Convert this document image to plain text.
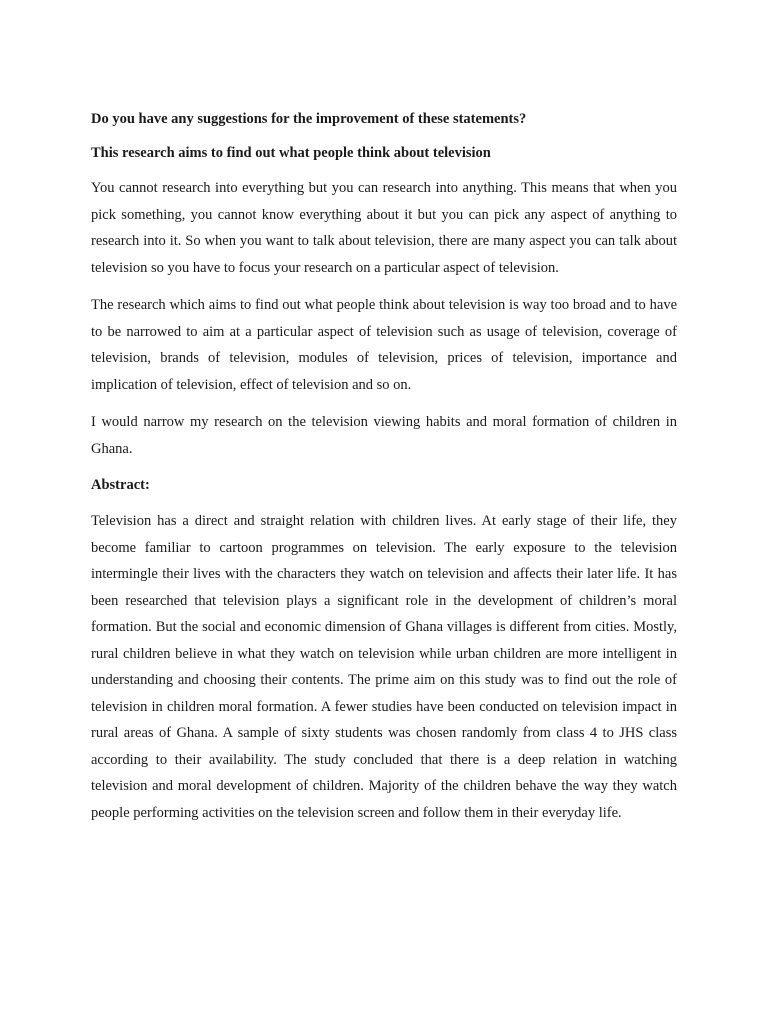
Do you have any suggestions for the improvement of these statements?

This research aims to find out what people think about television

You cannot research into everything but you can research into anything. This means that when you pick something, you cannot know everything about it but you can pick any aspect of anything to research into it. So when you want to talk about television, there are many aspect you can talk about television so you have to focus your research on a particular aspect of television.

The research which aims to find out what people think about television is way too broad and to have to be narrowed to aim at a particular aspect of television such as usage of television, coverage of television, brands of television, modules of television, prices of television, importance and implication of television, effect of television and so on.

I would narrow my research on the television viewing habits and moral formation of children in Ghana.

Abstract:

Television has a direct and straight relation with children lives. At early stage of their life, they become familiar to cartoon programmes on television. The early exposure to the television intermingle their lives with the characters they watch on television and affects their later life. It has been researched that television plays a significant role in the development of children’s moral formation. But the social and economic dimension of Ghana villages is different from cities. Mostly, rural children believe in what they watch on television while urban children are more intelligent in understanding and choosing their contents. The prime aim on this study was to find out the role of television in children moral formation. A fewer studies have been conducted on television impact in rural areas of Ghana. A sample of sixty students was chosen randomly from class 4 to JHS class according to their availability. The study concluded that there is a deep relation in watching television and moral development of children. Majority of the children behave the way they watch people performing activities on the television screen and follow them in their everyday life.
